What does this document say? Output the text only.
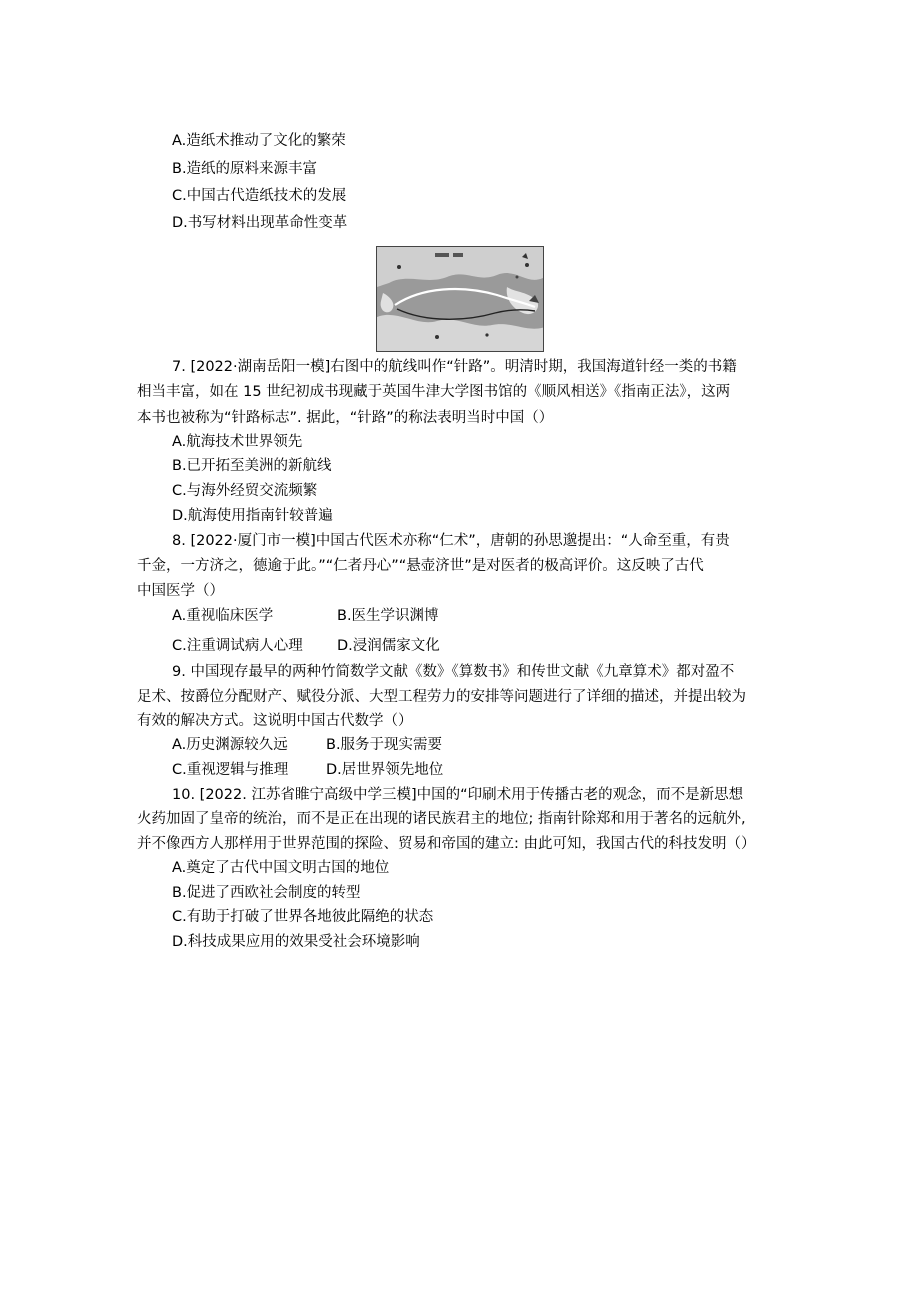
A.造纸术推动了文化的繁荣
B.造纸的原料来源丰富
C.中国古代造纸技术的发展
D.书写材料出现革命性变革
7. [2022·湖南岳阳一模]右图中的航线叫作“针路”。明清时期，我国海道针经一类的书籍
相当丰富，如在 15 世纪初成书现藏于英国牛津大学图书馆的《顺风相送》《指南正法》，这两
本书也被称为“针路标志”. 据此，“针路”的称法表明当时中国（）
A.航海技术世界领先
B.已开拓至美洲的新航线
C.与海外经贸交流频繁
D.航海使用指南针较普遍
8. [2022·厦门市一模]中国古代医术亦称“仁术”，唐朝的孙思邈提出：“人命至重，有贵
千金，一方济之，德逾于此。”“仁者丹心”“悬壶济世”是对医者的极高评价。这反映了古代
中国医学（）
A.重视临床医学	B.医生学识渊博
C.注重调试病人心理 D.浸润儒家文化
9. 中国现存最早的两种竹简数学文献《数》《算数书》和传世文献《九章算术》都对盈不
足术、按爵位分配财产、赋役分派、大型工程劳力的安排等问题进行了详细的描述，并提出较为
有效的解决方式。这说明中国古代数学（）
A.历史渊源较久远	B.服务于现实需要
C.重视逻辑与推理	D.居世界领先地位
10. [2022. 江苏省睢宁高级中学三模]中国的“印刷术用于传播古老的观念，而不是新思想
火药加固了皇帝的统治，而不是正在出现的诸民族君主的地位; 指南针除郑和用于著名的远航外,
并不像西方人那样用于世界范围的探险、贸易和帝国的建立: 由此可知，我国古代的科技发明（）
A.奠定了古代中国文明古国的地位
B.促进了西欧社会制度的转型
C.有助于打破了世界各地彼此隔绝的状态
D.科技成果应用的效果受社会环境影响
